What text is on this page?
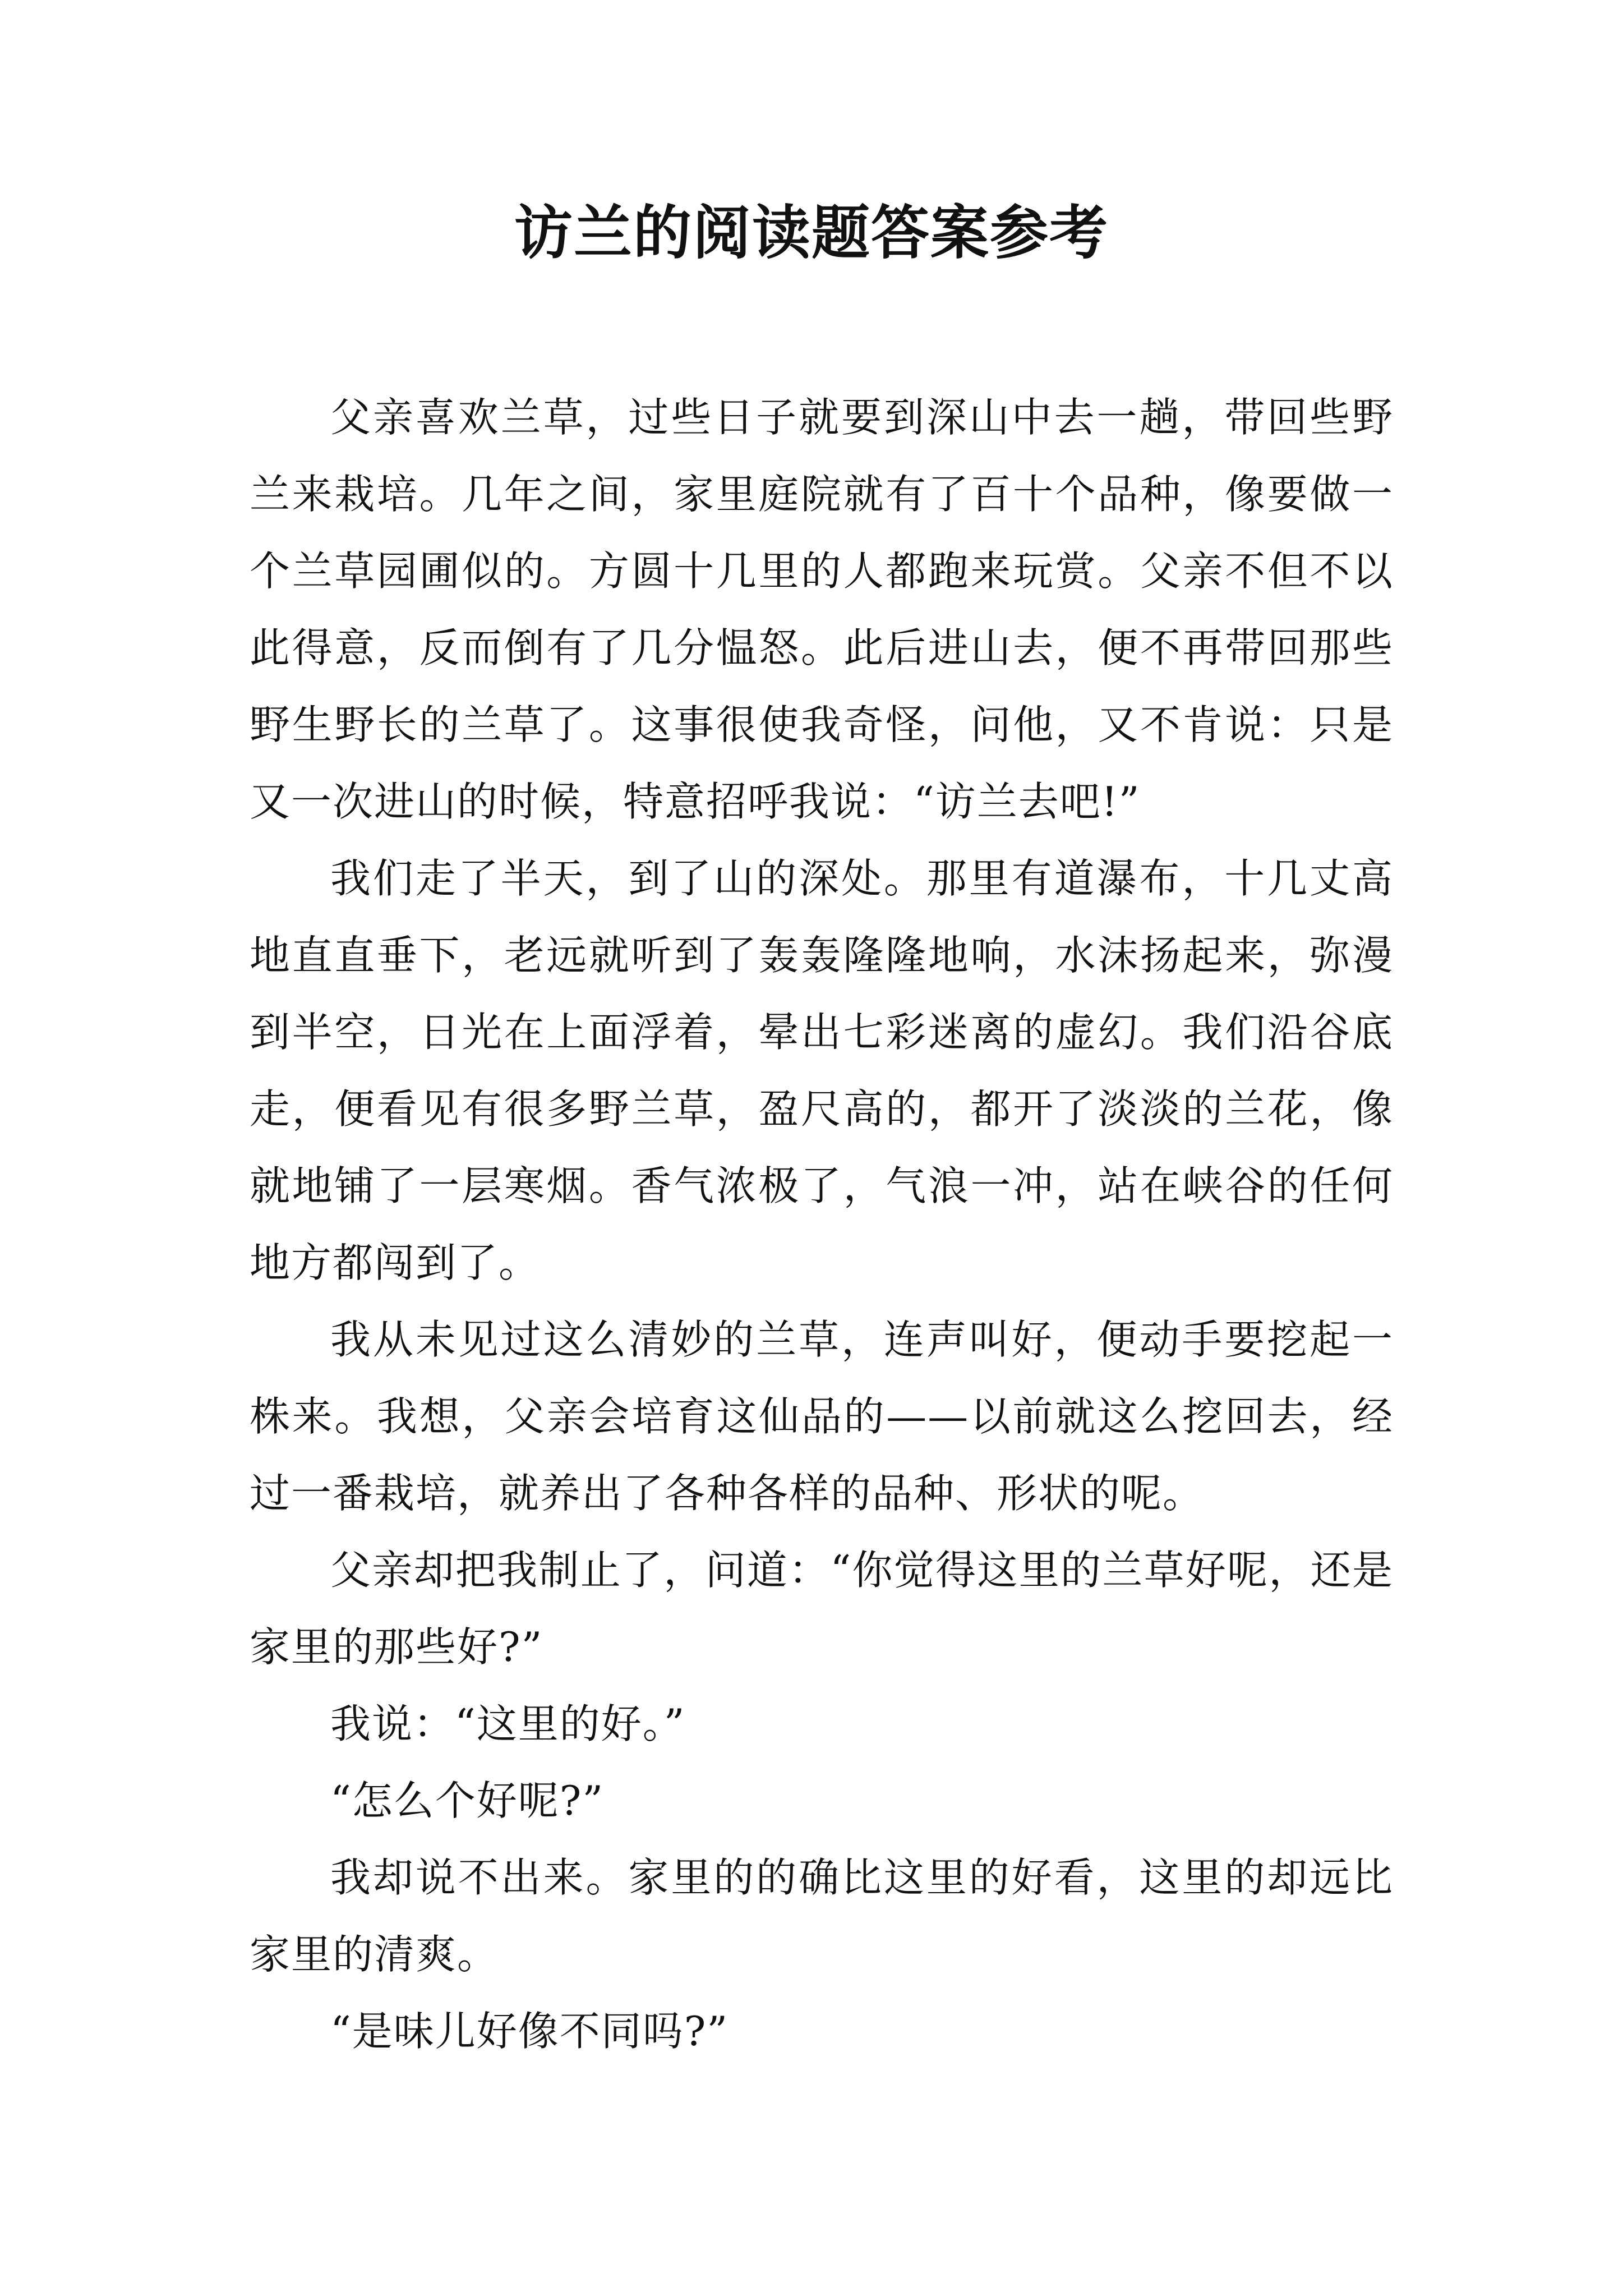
访兰的阅读题答案参考

父亲喜欢兰草，过些日子就要到深山中去一趟，带回些野兰来栽培。几年之间，家里庭院就有了百十个品种，像要做一个兰草园圃似的。方圆十几里的人都跑来玩赏。父亲不但不以此得意，反而倒有了几分愠怒。此后进山去，便不再带回那些野生野长的兰草了。这事很使我奇怪，问他，又不肯说：只是又一次进山的时候，特意招呼我说：“访兰去吧!”

我们走了半天，到了山的深处。那里有道瀑布，十几丈高地直直垂下，老远就听到了轰轰隆隆地响，水沫扬起来，弥漫到半空，日光在上面浮着，晕出七彩迷离的虚幻。我们沿谷底走，便看见有很多野兰草，盈尺高的，都开了淡淡的兰花，像就地铺了一层寒烟。香气浓极了，气浪一冲，站在峡谷的任何地方都闯到了。

我从未见过这么清妙的兰草，连声叫好，便动手要挖起一株来。我想，父亲会培育这仙品的——以前就这么挖回去，经过一番栽培，就养出了各种各样的品种、形状的呢。

父亲却把我制止了，问道：“你觉得这里的兰草好呢，还是家里的那些好?”

我说：“这里的好。”

“怎么个好呢?”

我却说不出来。家里的的确比这里的好看，这里的却远比家里的清爽。

“是味儿好像不同吗?”
